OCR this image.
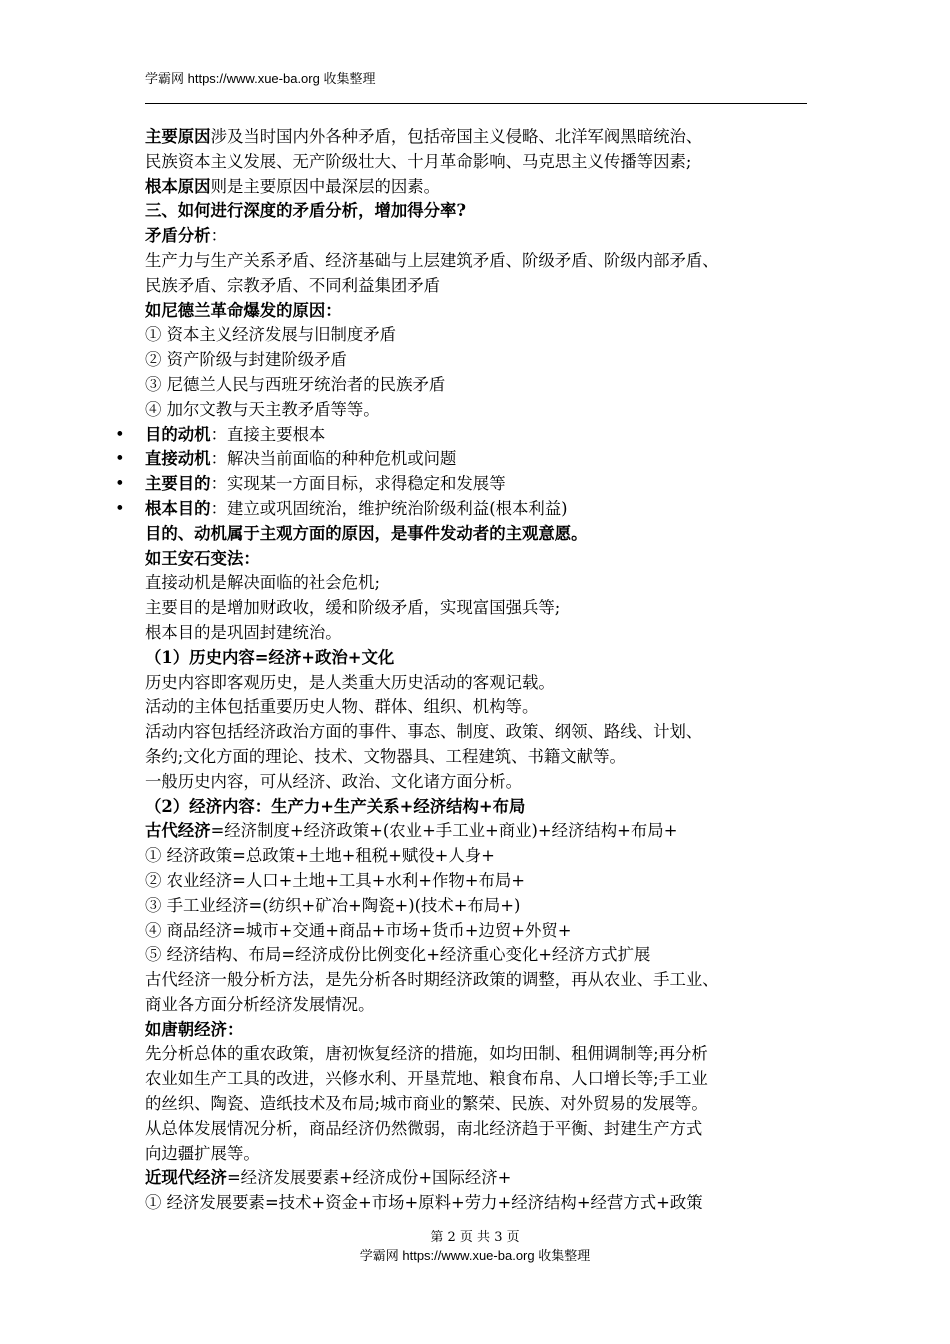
学霸网 https://www.xue-ba.org 收集整理

主要原因涉及当时国内外各种矛盾，包括帝国主义侵略、北洋军阀黑暗统治、

民族资本主义发展、无产阶级壮大、十月革命影响、马克思主义传播等因素;

根本原因则是主要原因中最深层的因素。

三、如何进行深度的矛盾分析，增加得分率?

矛盾分析：

生产力与生产关系矛盾、经济基础与上层建筑矛盾、阶级矛盾、阶级内部矛盾、

民族矛盾、宗教矛盾、不同利益集团矛盾

如尼德兰革命爆发的原因：

① 资本主义经济发展与旧制度矛盾

② 资产阶级与封建阶级矛盾

③ 尼德兰人民与西班牙统治者的民族矛盾

④ 加尔文教与天主教矛盾等等。

• 目的动机：直接主要根本

• 直接动机：解决当前面临的种种危机或问题

• 主要目的：实现某一方面目标，求得稳定和发展等

• 根本目的：建立或巩固统治，维护统治阶级利益(根本利益)

目的、动机属于主观方面的原因，是事件发动者的主观意愿。

如王安石变法：

直接动机是解决面临的社会危机;

主要目的是增加财政收，缓和阶级矛盾，实现富国强兵等;

根本目的是巩固封建统治。

（1）历史内容=经济+政治+文化

历史内容即客观历史，是人类重大历史活动的客观记载。

活动的主体包括重要历史人物、群体、组织、机构等。

活动内容包括经济政治方面的事件、事态、制度、政策、纲领、路线、计划、

条约;文化方面的理论、技术、文物器具、工程建筑、书籍文献等。

一般历史内容，可从经济、政治、文化诸方面分析。

（2）经济内容：生产力+生产关系+经济结构+布局

古代经济=经济制度+经济政策+(农业+手工业+商业)+经济结构+布局+

① 经济政策=总政策+土地+租税+赋役+人身+

② 农业经济=人口+土地+工具+水利+作物+布局+

③ 手工业经济=(纺织+矿冶+陶瓷+)(技术+布局+)

④ 商品经济=城市+交通+商品+市场+货币+边贸+外贸+

⑤ 经济结构、布局=经济成份比例变化+经济重心变化+经济方式扩展

古代经济一般分析方法，是先分析各时期经济政策的调整，再从农业、手工业、

商业各方面分析经济发展情况。

如唐朝经济：

先分析总体的重农政策，唐初恢复经济的措施，如均田制、租佣调制等;再分析

农业如生产工具的改进，兴修水利、开垦荒地、粮食布帛、人口增长等;手工业

的丝织、陶瓷、造纸技术及布局;城市商业的繁荣、民族、对外贸易的发展等。

从总体发展情况分析，商品经济仍然微弱，南北经济趋于平衡、封建生产方式

向边疆扩展等。

近现代经济=经济发展要素+经济成份+国际经济+

① 经济发展要素=技术+资金+市场+原料+劳力+经济结构+经营方式+政策

第 2 页 共 3 页
学霸网 https://www.xue-ba.org 收集整理
